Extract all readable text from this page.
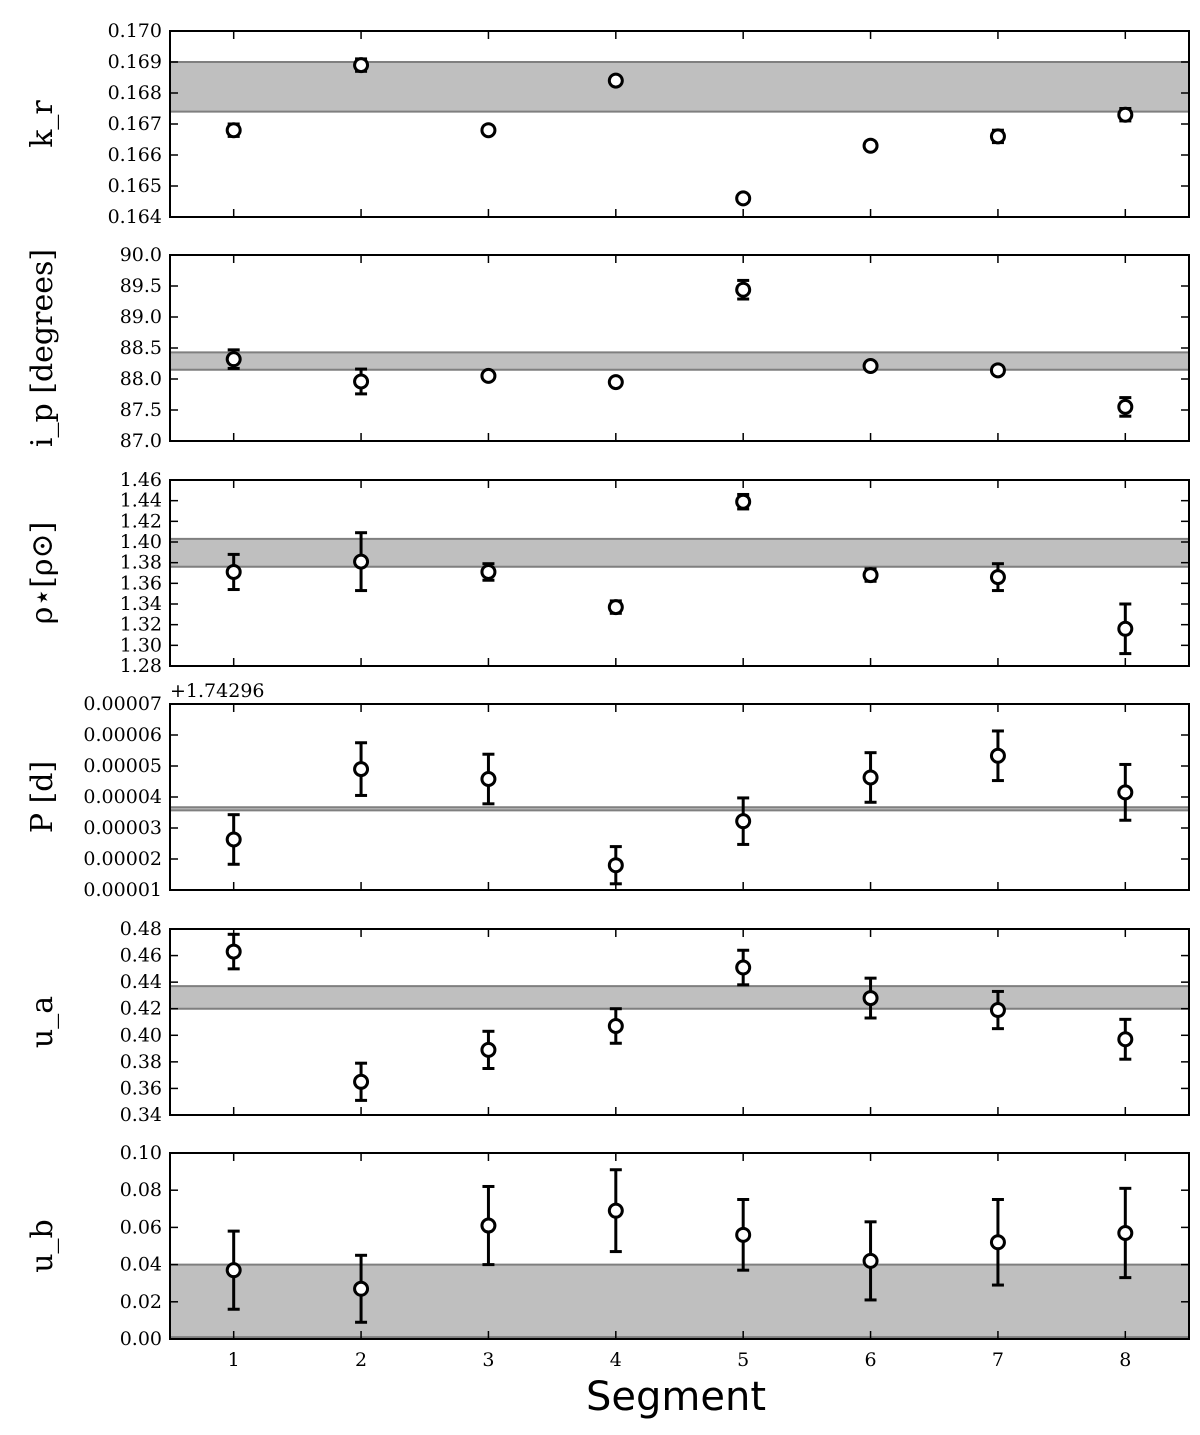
0.164
0.165
0.166
0.167
0.168
0.169
0.170
k_r
87.0
87.5
88.0
88.5
89.0
89.5
90.0
i_p [degrees]
1.28
1.30
1.32
1.34
1.36
1.38
1.40
1.42
1.44
1.46
ρ⋆[ρ⊙]
0.00001
0.00002
0.00003
0.00004
0.00005
0.00006
0.00007
P [d]
+1.74296
0.34
0.36
0.38
0.40
0.42
0.44
0.46
0.48
u_a
0.00
0.02
0.04
0.06
0.08
0.10
u_b
1	2	3	4	5	6	7	8
Segment
